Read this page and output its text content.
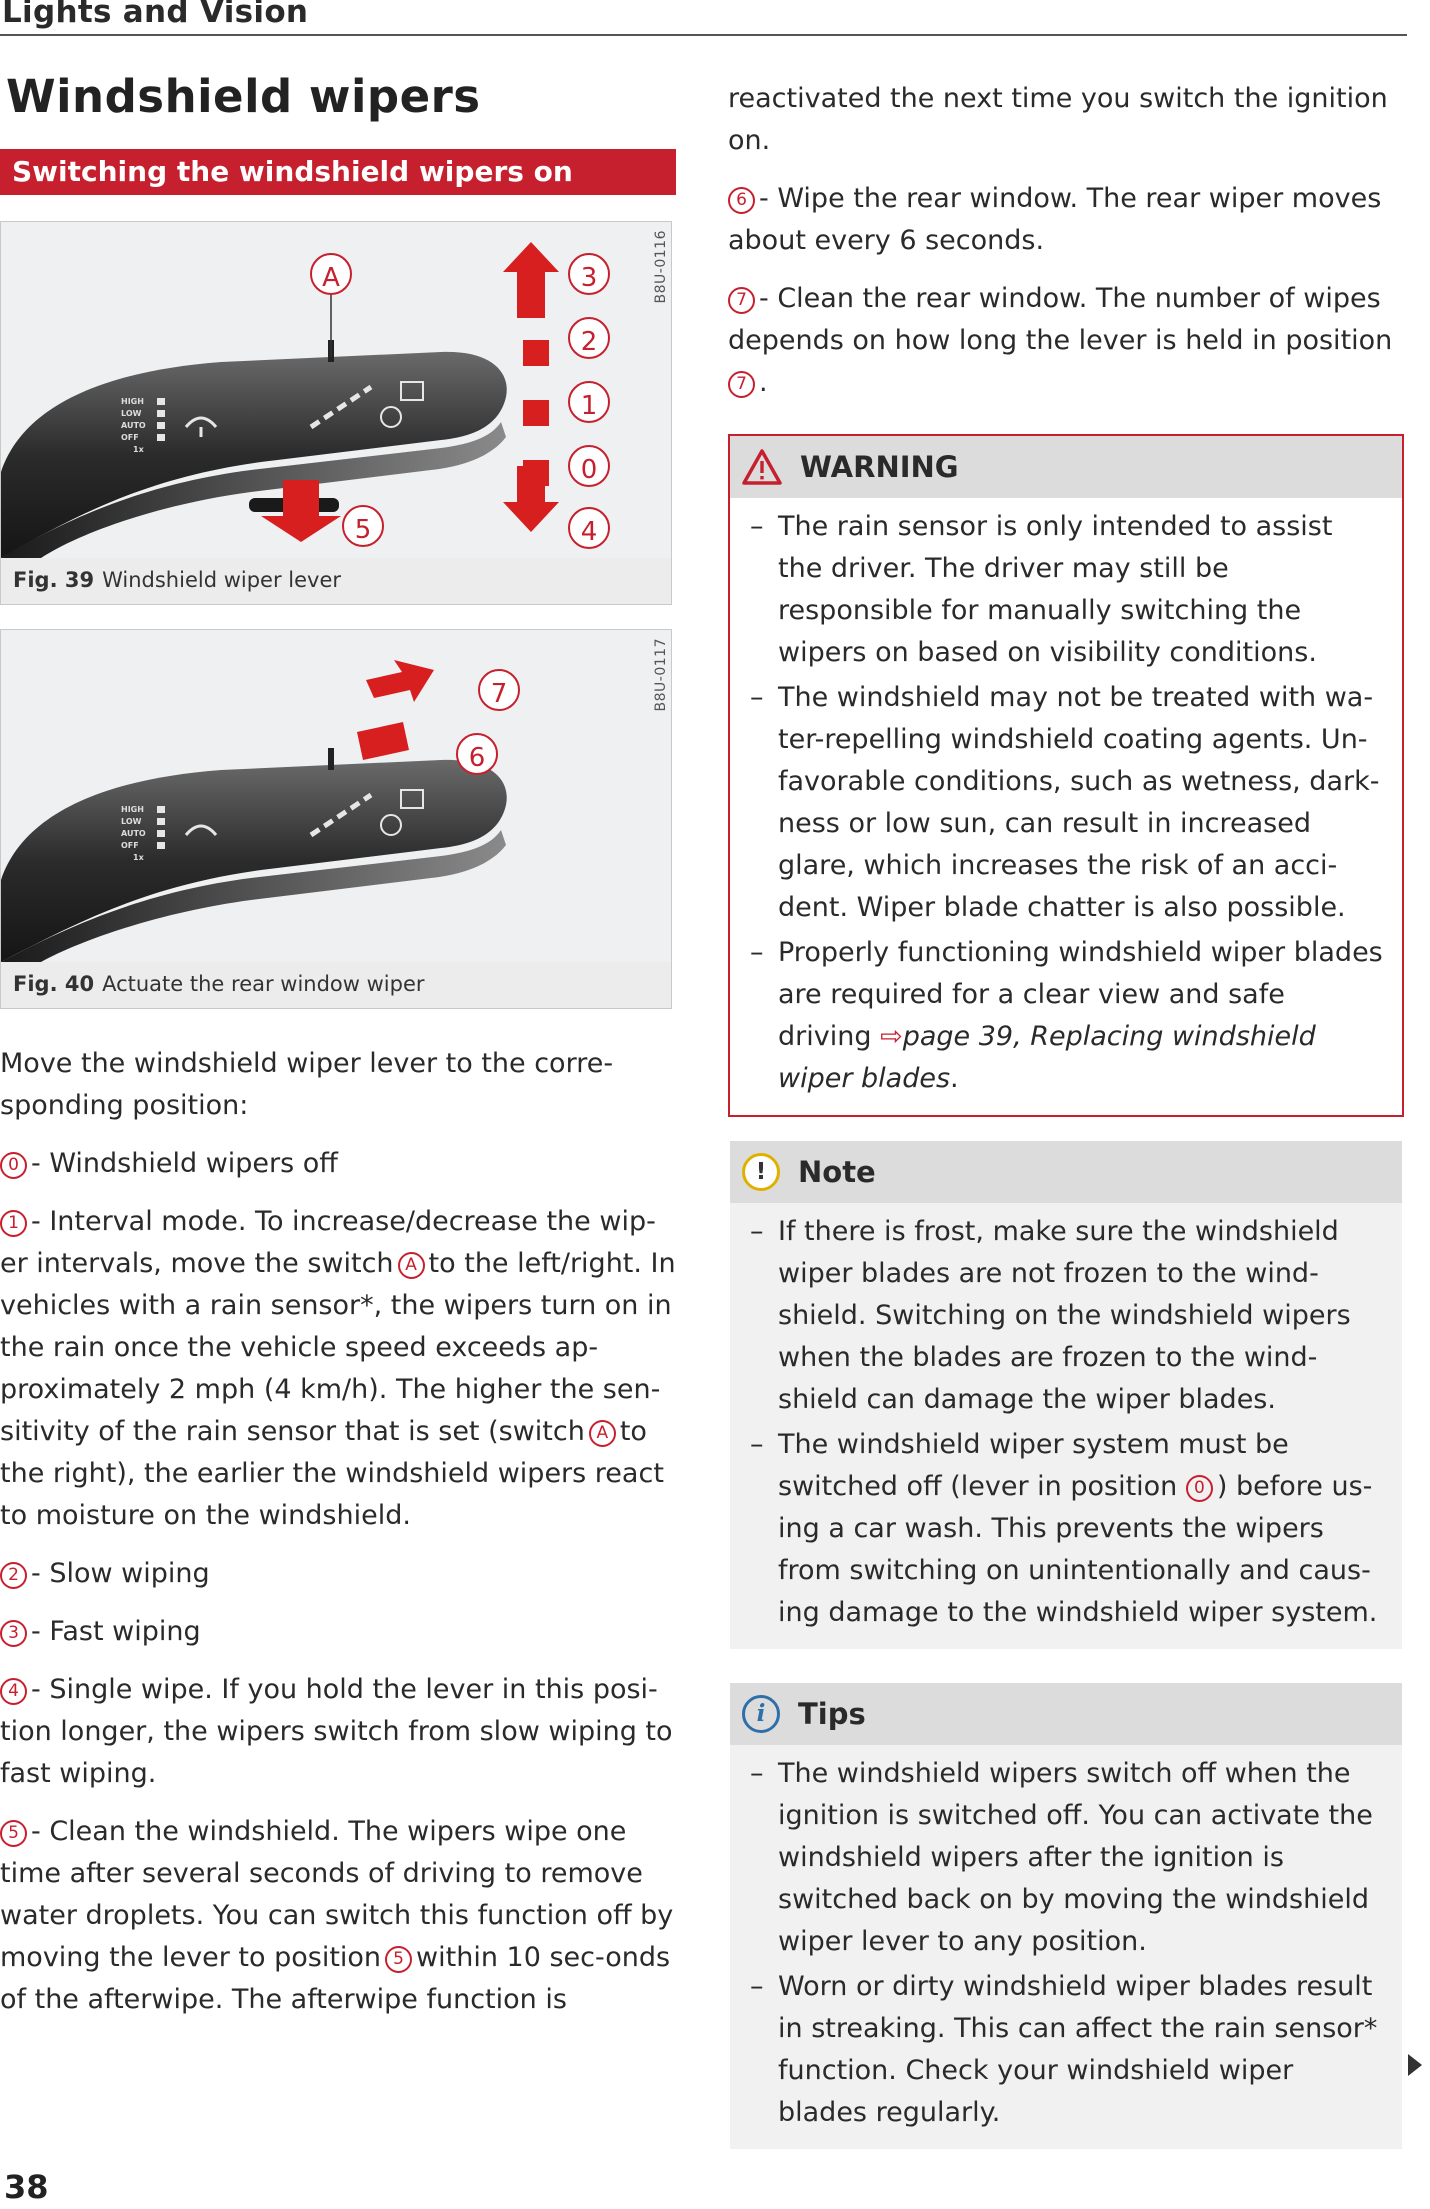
Lights and Vision
Windshield wipers
Switching the windshield wipers on
HIGH
LOW
AUTO
OFF
1x
A	3
2
1
0
4
5
B8U-0116
Fig. 39 Windshield wiper lever
HIGH
LOW
AUTO
OFF
1x
7
6
B8U-0117
Fig. 40 Actuate the rear window wiper
Move the windshield wiper lever to the corre-sponding position:
0 - Windshield wipers off
1 - Interval mode. To increase/decrease the wip-er intervals, move the switch A to the left/right. In vehicles with a rain sensor*, the wipers turn on in the rain once the vehicle speed exceeds ap-proximately 2 mph (4 km/h). The higher the sen-sitivity of the rain sensor that is set (switch A to the right), the earlier the windshield wipers react to moisture on the windshield.
2 - Slow wiping
3 - Fast wiping
4 - Single wipe. If you hold the lever in this posi-tion longer, the wipers switch from slow wiping to fast wiping.
5 - Clean the windshield. The wipers wipe one time after several seconds of driving to remove water droplets. You can switch this function off by moving the lever to position 5 within 10 sec-onds of the afterwipe. The afterwipe function is
reactivated the next time you switch the ignition on.
6 - Wipe the rear window. The rear wiper moves about every 6 seconds.
7 - Clean the rear window. The number of wipes depends on how long the lever is held in position 7 .
WARNING
– The rain sensor is only intended to assist the driver. The driver may still be responsible for manually switching the wipers on based on visibility conditions.
– The windshield may not be treated with wa-ter-repelling windshield coating agents. Un-favorable conditions, such as wetness, dark-ness or low sun, can result in increased glare, which increases the risk of an acci-dent. Wiper blade chatter is also possible.
– Properly functioning windshield wiper blades are required for a clear view and safe driving ⇨page 39, Replacing windshield wiper blades.
!	Note
– If there is frost, make sure the windshield wiper blades are not frozen to the wind-shield. Switching on the windshield wipers when the blades are frozen to the wind-shield can damage the wiper blades.
– The windshield wiper system must be switched off (lever in position 0 ) before us-ing a car wash. This prevents the wipers from switching on unintentionally and caus-ing damage to the windshield wiper system.
i	Tips
– The windshield wipers switch off when the ignition is switched off. You can activate the windshield wipers after the ignition is switched back on by moving the windshield wiper lever to any position.
– Worn or dirty windshield wiper blades result in streaking. This can affect the rain sensor* function. Check your windshield wiper blades regularly.
38
